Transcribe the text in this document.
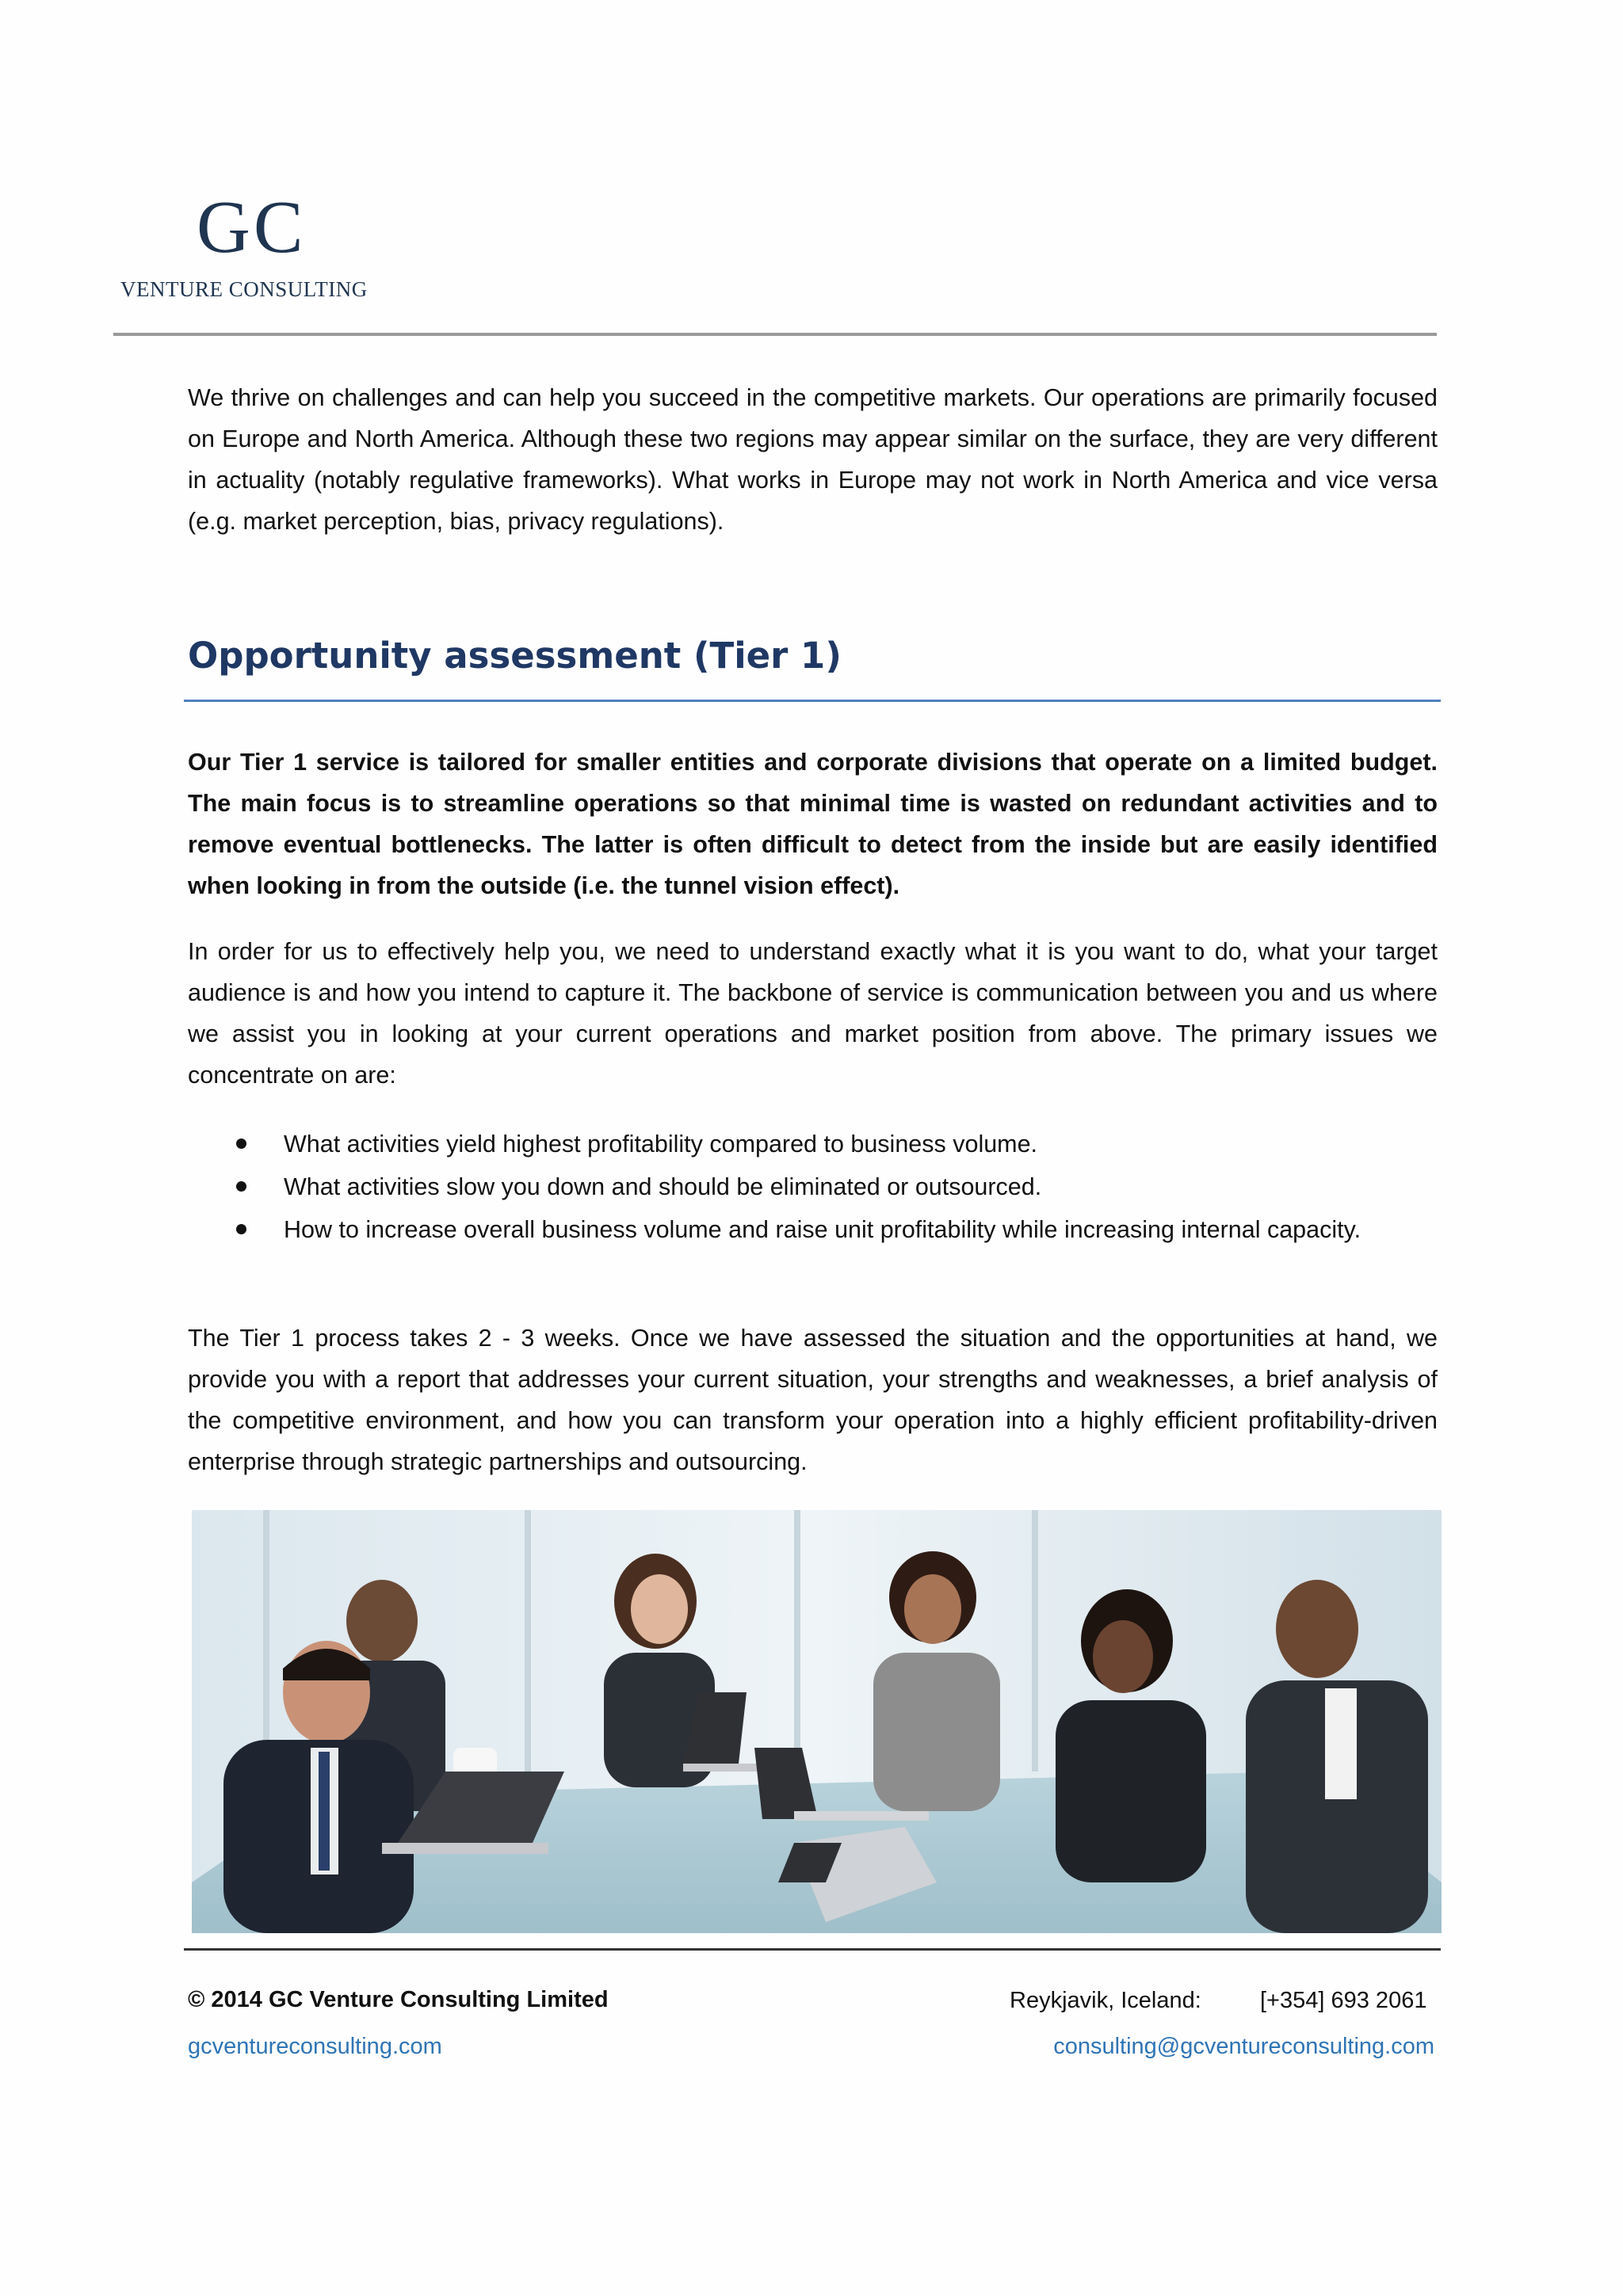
GC
VENTURE CONSULTING

We thrive on challenges and can help you succeed in the competitive markets. Our operations are primarily focused on Europe and North America. Although these two regions may appear similar on the surface, they are very different in actuality (notably regulative frameworks). What works in Europe may not work in North America and vice versa (e.g. market perception, bias, privacy regulations).

Opportunity assessment (Tier 1)

Our Tier 1 service is tailored for smaller entities and corporate divisions that operate on a limited budget. The main focus is to streamline operations so that minimal time is wasted on redundant activities and to remove eventual bottlenecks. The latter is often difficult to detect from the inside but are easily identified when looking in from the outside (i.e. the tunnel vision effect).

In order for us to effectively help you, we need to understand exactly what it is you want to do, what your target audience is and how you intend to capture it. The backbone of service is communication between you and us where we assist you in looking at your current operations and market position from above. The primary issues we concentrate on are:

What activities yield highest profitability compared to business volume.
What activities slow you down and should be eliminated or outsourced.
How to increase overall business volume and raise unit profitability while increasing internal capacity.

The Tier 1 process takes 2 - 3 weeks. Once we have assessed the situation and the opportunities at hand, we provide you with a report that addresses your current situation, your strengths and weaknesses, a brief analysis of the competitive environment, and how you can transform your operation into a highly efficient profitability-driven enterprise through strategic partnerships and outsourcing.

© 2014 GC Venture Consulting Limited

gcventureconsulting.com

Reykjavik, Iceland:	[+354] 693 2061

consulting@gcventureconsulting.com
